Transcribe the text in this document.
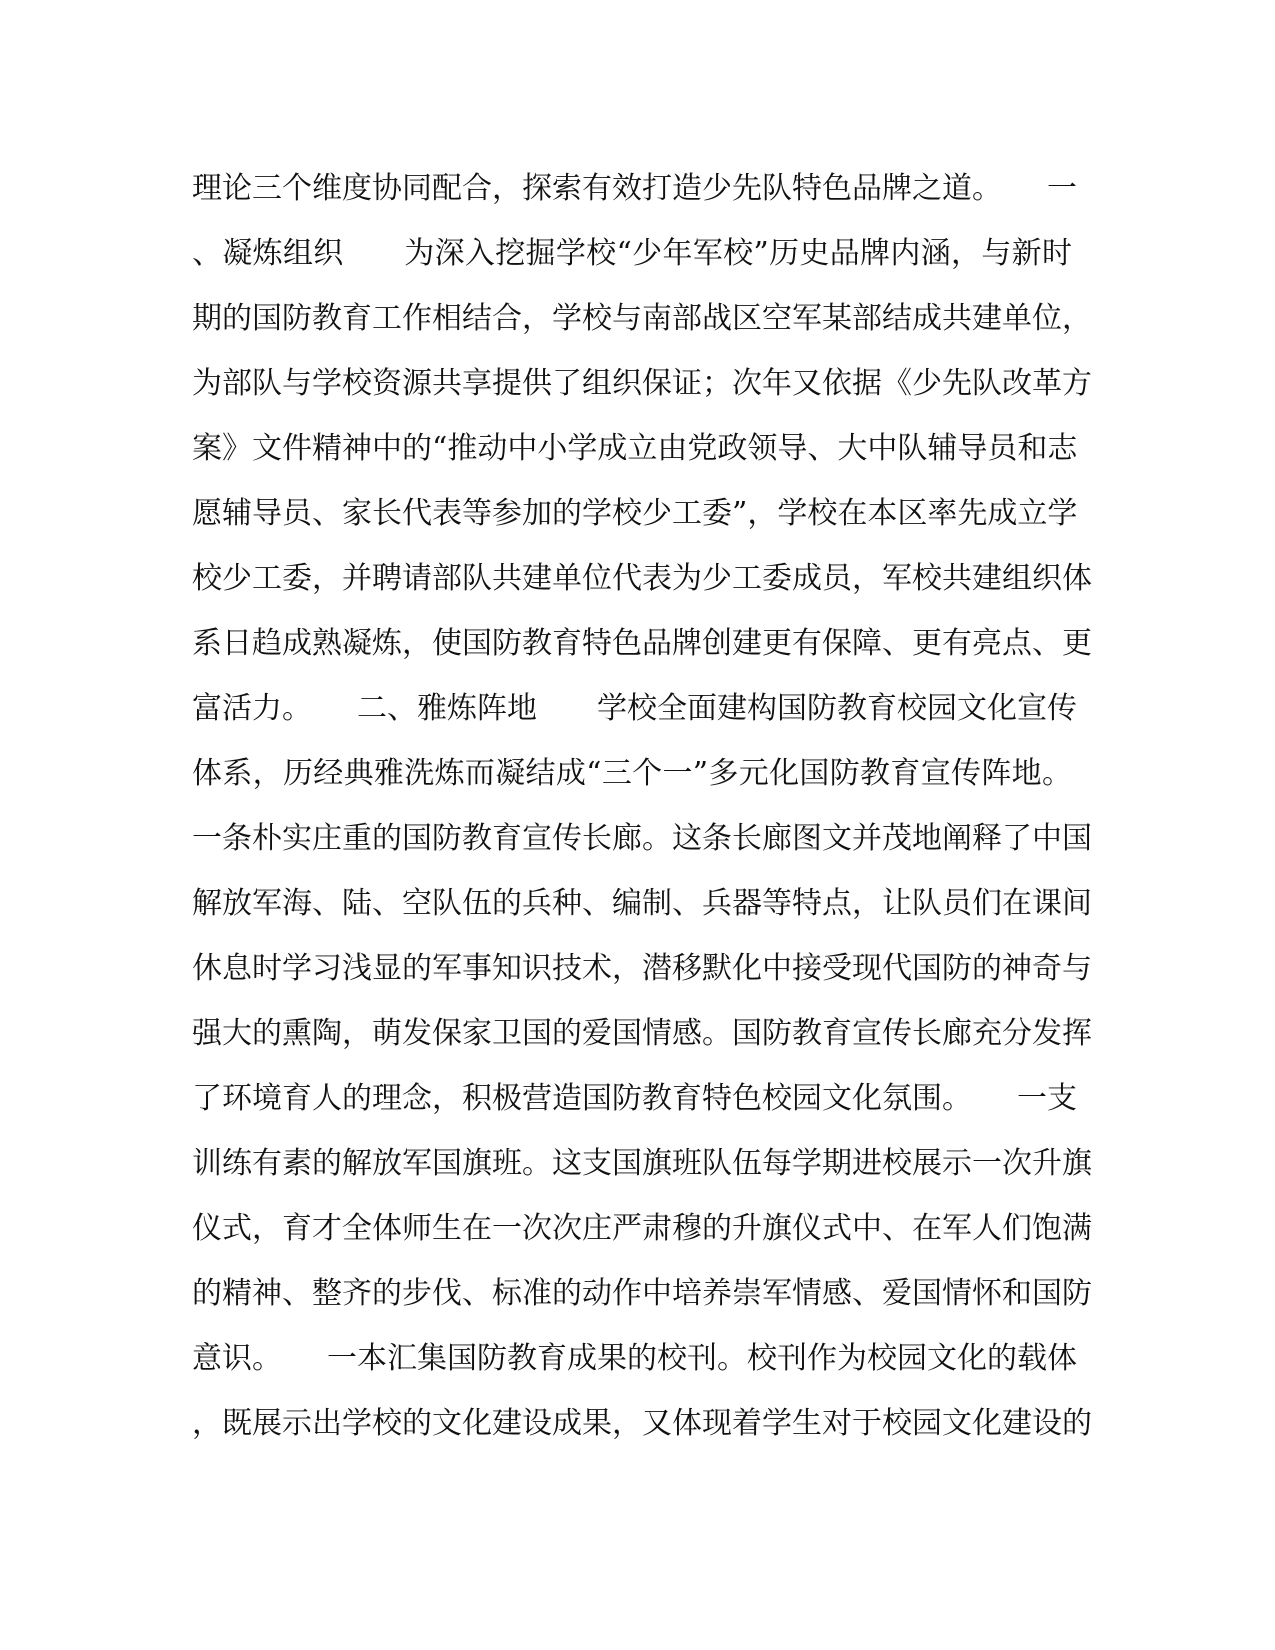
理论三个维度协同配合，探索有效打造少先队特色品牌之道。　　一
、凝炼组织　　为深入挖掘学校“少年军校”历史品牌内涵，与新时
期的国防教育工作相结合，学校与南部战区空军某部结成共建单位，
为部队与学校资源共享提供了组织保证；次年又依据《少先队改革方
案》文件精神中的“推动中小学成立由党政领导、大中队辅导员和志
愿辅导员、家长代表等参加的学校少工委”，学校在本区率先成立学
校少工委，并聘请部队共建单位代表为少工委成员，军校共建组织体
系日趋成熟凝炼，使国防教育特色品牌创建更有保障、更有亮点、更
富活力。　　二、雅炼阵地　　学校全面建构国防教育校园文化宣传
体系，历经典雅洗炼而凝结成“三个一”多元化国防教育宣传阵地。
一条朴实庄重的国防教育宣传长廊。这条长廊图文并茂地阐释了中国
解放军海、陆、空队伍的兵种、编制、兵器等特点，让队员们在课间
休息时学习浅显的军事知识技术，潜移默化中接受现代国防的神奇与
强大的熏陶，萌发保家卫国的爱国情感。国防教育宣传长廊充分发挥
了环境育人的理念，积极营造国防教育特色校园文化氛围。　　一支
训练有素的解放军国旗班。这支国旗班队伍每学期进校展示一次升旗
仪式，育才全体师生在一次次庄严肃穆的升旗仪式中、在军人们饱满
的精神、整齐的步伐、标准的动作中培养崇军情感、爱国情怀和国防
意识。　　一本汇集国防教育成果的校刊。校刊作为校园文化的载体
，既展示出学校的文化建设成果，又体现着学生对于校园文化建设的
